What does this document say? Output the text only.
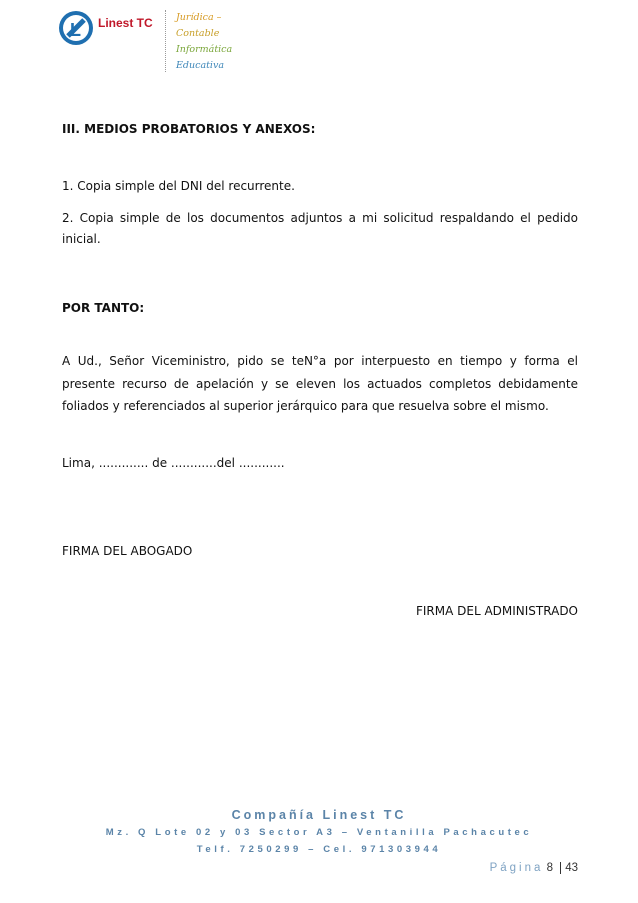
L Linest TC Jurídica –
Contable
Informática
Educativa

III. MEDIOS PROBATORIOS Y ANEXOS:

1. Copia simple del DNI del recurrente.

2. Copia simple de los documentos adjuntos a mi solicitud respaldando el pedido inicial.

POR TANTO:

A Ud., Señor Viceministro, pido se teN°a por interpuesto en tiempo y forma el presente recurso de apelación y se eleven los actuados completos debidamente foliados y referenciados al superior jerárquico para que resuelva sobre el mismo.

Lima, ............. de ............del ............

FIRMA DEL ABOGADO

FIRMA DEL ADMINISTRADO

Compañía Linest TC
Mz. Q Lote 02 y 03 Sector A3 – Ventanilla Pachacutec
Telf. 7250299 – Cel. 971303944
Página 8 43
